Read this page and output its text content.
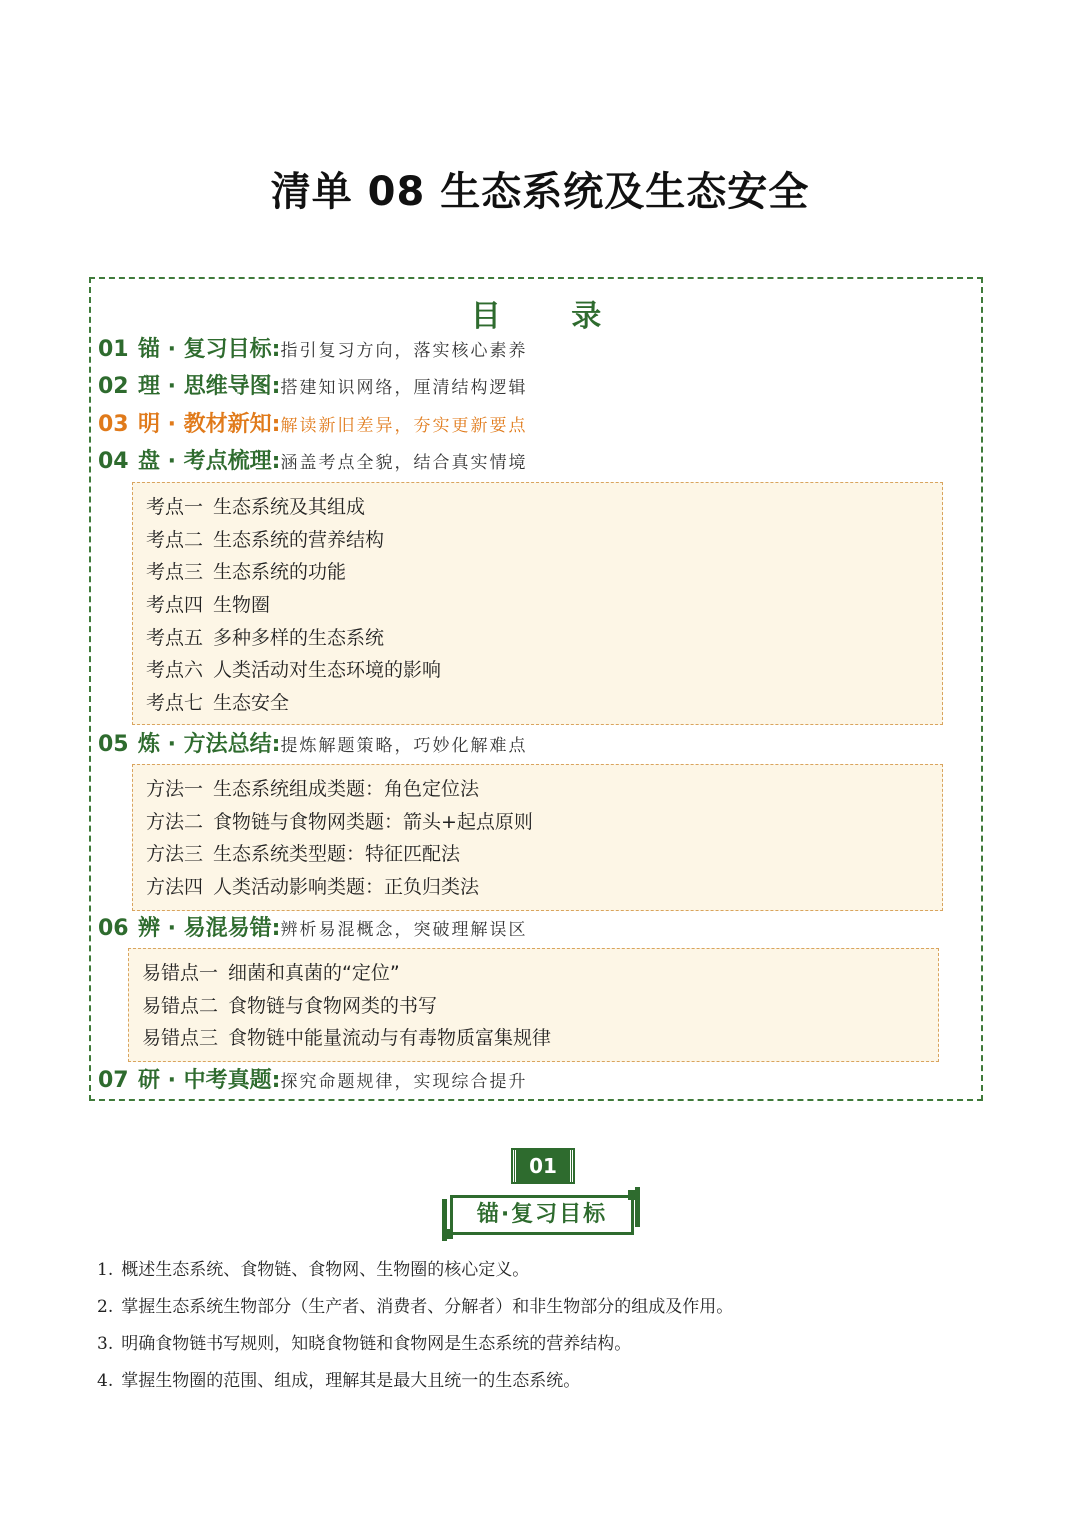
清单 08 生态系统及生态安全
目 录
01 锚 · 复习目标:指引复习方向，落实核心素养
02 理 · 思维导图:搭建知识网络，厘清结构逻辑
03 明 · 教材新知:解读新旧差异，夯实更新要点
04 盘 · 考点梳理:涵盖考点全貌，结合真实情境
考点一 生态系统及其组成
考点二 生态系统的营养结构
考点三 生态系统的功能
考点四 生物圈
考点五 多种多样的生态系统
考点六 人类活动对生态环境的影响
考点七 生态安全
05 炼 · 方法总结:提炼解题策略，巧妙化解难点
方法一 生态系统组成类题：角色定位法
方法二 食物链与食物网类题：箭头+起点原则
方法三 生态系统类型题：特征匹配法
方法四 人类活动影响类题：正负归类法
06 辨 · 易混易错:辨析易混概念，突破理解误区
易错点一 细菌和真菌的“定位”
易错点二 食物链与食物网类的书写
易错点三 食物链中能量流动与有毒物质富集规律
07 研 · 中考真题:探究命题规律，实现综合提升
01
锚·复习目标
1. 概述生态系统、食物链、食物网、生物圈的核心定义。
2. 掌握生态系统生物部分（生产者、消费者、分解者）和非生物部分的组成及作用。
3. 明确食物链书写规则，知晓食物链和食物网是生态系统的营养结构。
4. 掌握生物圈的范围、组成，理解其是最大且统一的生态系统。
